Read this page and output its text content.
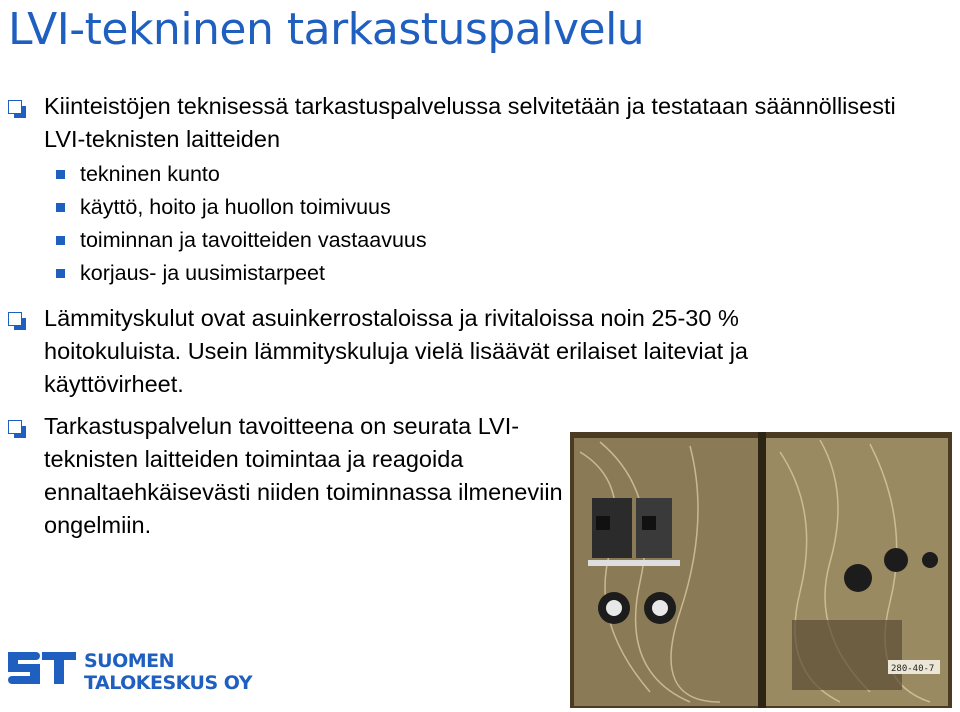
LVI-tekninen tarkastuspalvelu
Kiinteistöjen teknisessä tarkastuspalvelussa selvitetään ja testataan säännöllisesti LVI-teknisten laitteiden
tekninen kunto
käyttö, hoito ja huollon toimivuus
toiminnan ja tavoitteiden vastaavuus
korjaus- ja uusimistarpeet
Lämmityskulut ovat asuinkerrostaloissa ja rivitaloissa noin 25-30 % hoitokuluista. Usein lämmityskuluja vielä lisäävät erilaiset laiteviat ja käyttövirheet.
Tarkastuspalvelun tavoitteena on seurata LVI-teknisten laitteiden toimintaa ja reagoida ennaltaehkäisevästi niiden toiminnassa ilmeneviin ongelmiin.
280-40-7
SUOMEN
TALOKESKUS OY
